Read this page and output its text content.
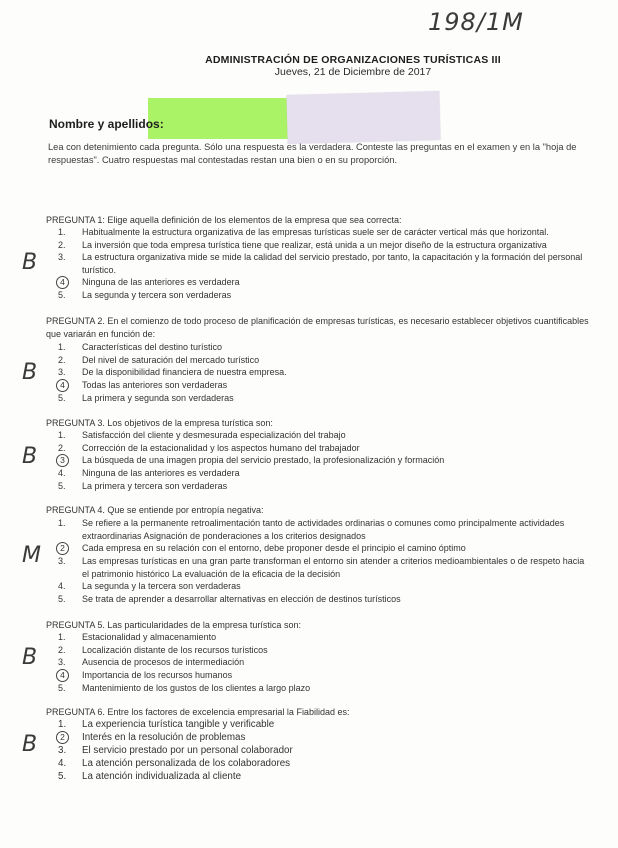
198/1M
ADMINISTRACIÓN DE ORGANIZACIONES TURÍSTICAS III
Jueves, 21 de Diciembre de 2017
Nombre y apellidos:
Lea con detenimiento cada pregunta. Sólo una respuesta es la verdadera. Conteste las preguntas en el examen y en la "hoja de respuestas". Cuatro respuestas mal contestadas restan una bien o en su proporción.
PREGUNTA 1: Elige aquella definición de los elementos de la empresa que sea correcta:
B
1.	Habitualmente la estructura organizativa de las empresas turísticas suele ser de carácter vertical más que horizontal.
2.	La inversión que toda empresa turística tiene que realizar, está unida a un mejor diseño de la estructura organizativa
3.	La estructura organizativa mide se mide la calidad del servicio prestado, por tanto, la capacitación y la formación del personal turístico.
4	Ninguna de las anteriores es verdadera
5.	La segunda y tercera son verdaderas
PREGUNTA 2. En el comienzo de todo proceso de planificación de empresas turísticas, es necesario establecer objetivos cuantificables que variarán en función de:
B
1.	Características del destino turístico
2.	Del nivel de saturación del mercado turístico
3.	De la disponibilidad financiera de nuestra empresa.
4	Todas las anteriores son verdaderas
5.	La primera y segunda son verdaderas
PREGUNTA 3. Los objetivos de la empresa turística son:
B
1.	Satisfacción del cliente y desmesurada especialización del trabajo
2.	Corrección de la estacionalidad y los aspectos humano del trabajador
3	La búsqueda de una imagen propia del servicio prestado, la profesionalización y formación
4.	Ninguna de las anteriores es verdadera
5.	La primera y tercera son verdaderas
PREGUNTA 4. Que se entiende por entropía negativa:
M
1.	Se refiere a la permanente retroalimentación tanto de actividades ordinarias o comunes como principalmente actividades extraordinarias Asignación de ponderaciones a los criterios designados
2	Cada empresa en su relación con el entorno, debe proponer desde el principio el camino óptimo
3.	Las empresas turísticas en una gran parte transforman el entorno sin atender a criterios medioambientales o de respeto hacia el patrimonio histórico La evaluación de la eficacia de la decisión
4.	La segunda y la tercera son verdaderas
5.	Se trata de aprender a desarrollar alternativas en elección de destinos turísticos
PREGUNTA 5. Las particularidades de la empresa turística son:
B
1.	Estacionalidad y almacenamiento
2.	Localización distante de los recursos turísticos
3.	Ausencia de procesos de intermediación
4	Importancia de los recursos humanos
5.	Mantenimiento de los gustos de los clientes a largo plazo
PREGUNTA 6. Entre los factores de excelencia empresarial la Fiabilidad es:
B
1.	La experiencia turística tangible y verificable
2	Interés en la resolución de problemas
3.	El servicio prestado por un personal colaborador
4.	La atención personalizada de los colaboradores
5.	La atención individualizada al cliente
